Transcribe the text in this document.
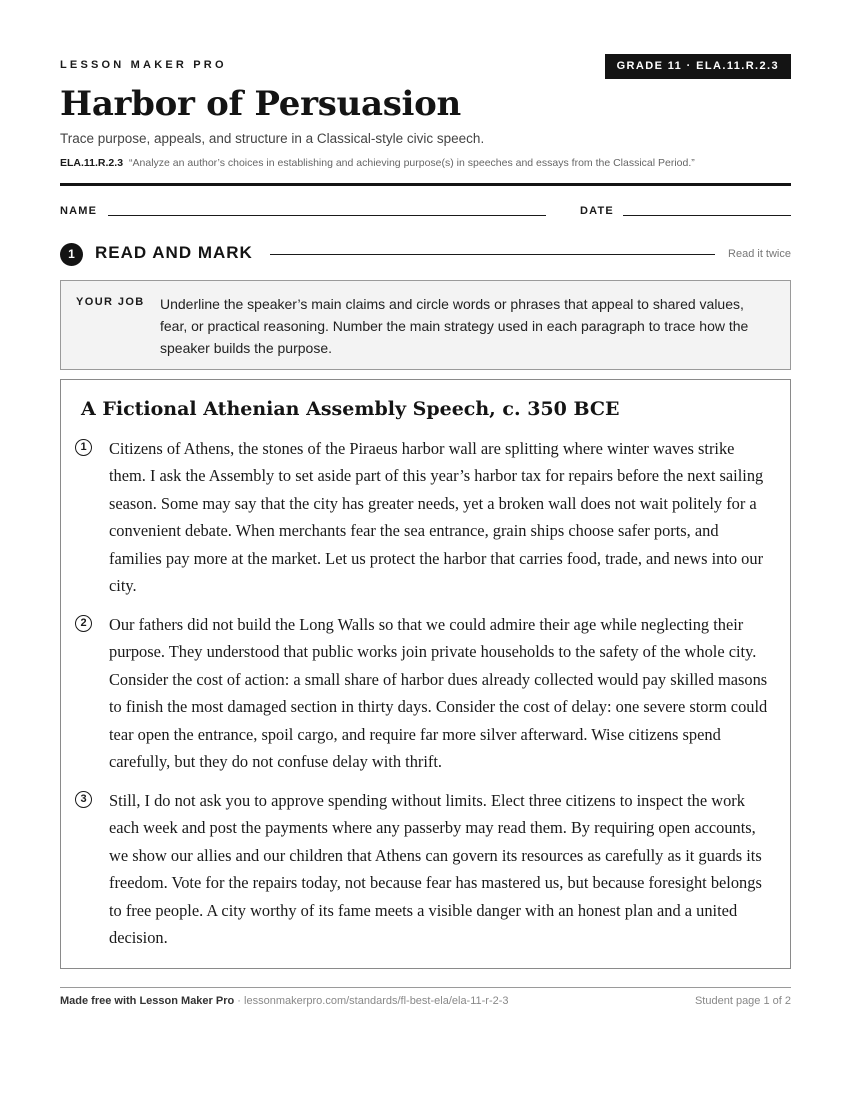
LESSON MAKER PRO	GRADE 11 · ELA.11.R.2.3
Harbor of Persuasion
Trace purpose, appeals, and structure in a Classical-style civic speech.
ELA.11.R.2.3 “Analyze an author’s choices in establishing and achieving purpose(s) in speeches and essays from the Classical Period.”
NAME	DATE
1	READ AND MARK	Read it twice
YOUR JOB Underline the speaker’s main claims and circle words or phrases that appeal to shared values, fear, or practical reasoning. Number the main strategy used in each paragraph to trace how the speaker builds the purpose.
A Fictional Athenian Assembly Speech, c. 350 BCE
1	Citizens of Athens, the stones of the Piraeus harbor wall are splitting where winter waves strike them. I ask the Assembly to set aside part of this year’s harbor tax for repairs before the next sailing season. Some may say that the city has greater needs, yet a broken wall does not wait politely for a convenient debate. When merchants fear the sea entrance, grain ships choose safer ports, and families pay more at the market. Let us protect the harbor that carries food, trade, and news into our city.

2	Our fathers did not build the Long Walls so that we could admire their age while neglecting their purpose. They understood that public works join private households to the safety of the whole city. Consider the cost of action: a small share of harbor dues already collected would pay skilled masons to finish the most damaged section in thirty days. Consider the cost of delay: one severe storm could tear open the entrance, spoil cargo, and require far more silver afterward. Wise citizens spend carefully, but they do not confuse delay with thrift.

3	Still, I do not ask you to approve spending without limits. Elect three citizens to inspect the work each week and post the payments where any passerby may read them. By requiring open accounts, we show our allies and our children that Athens can govern its resources as carefully as it guards its freedom. Vote for the repairs today, not because fear has mastered us, but because foresight belongs to free people. A city worthy of its fame meets a visible danger with an honest plan and a united decision.

Made free with Lesson Maker Pro · lessonmakerpro.com/standards/fl-best-ela/ela-11-r-2-3	Student page 1 of 2
